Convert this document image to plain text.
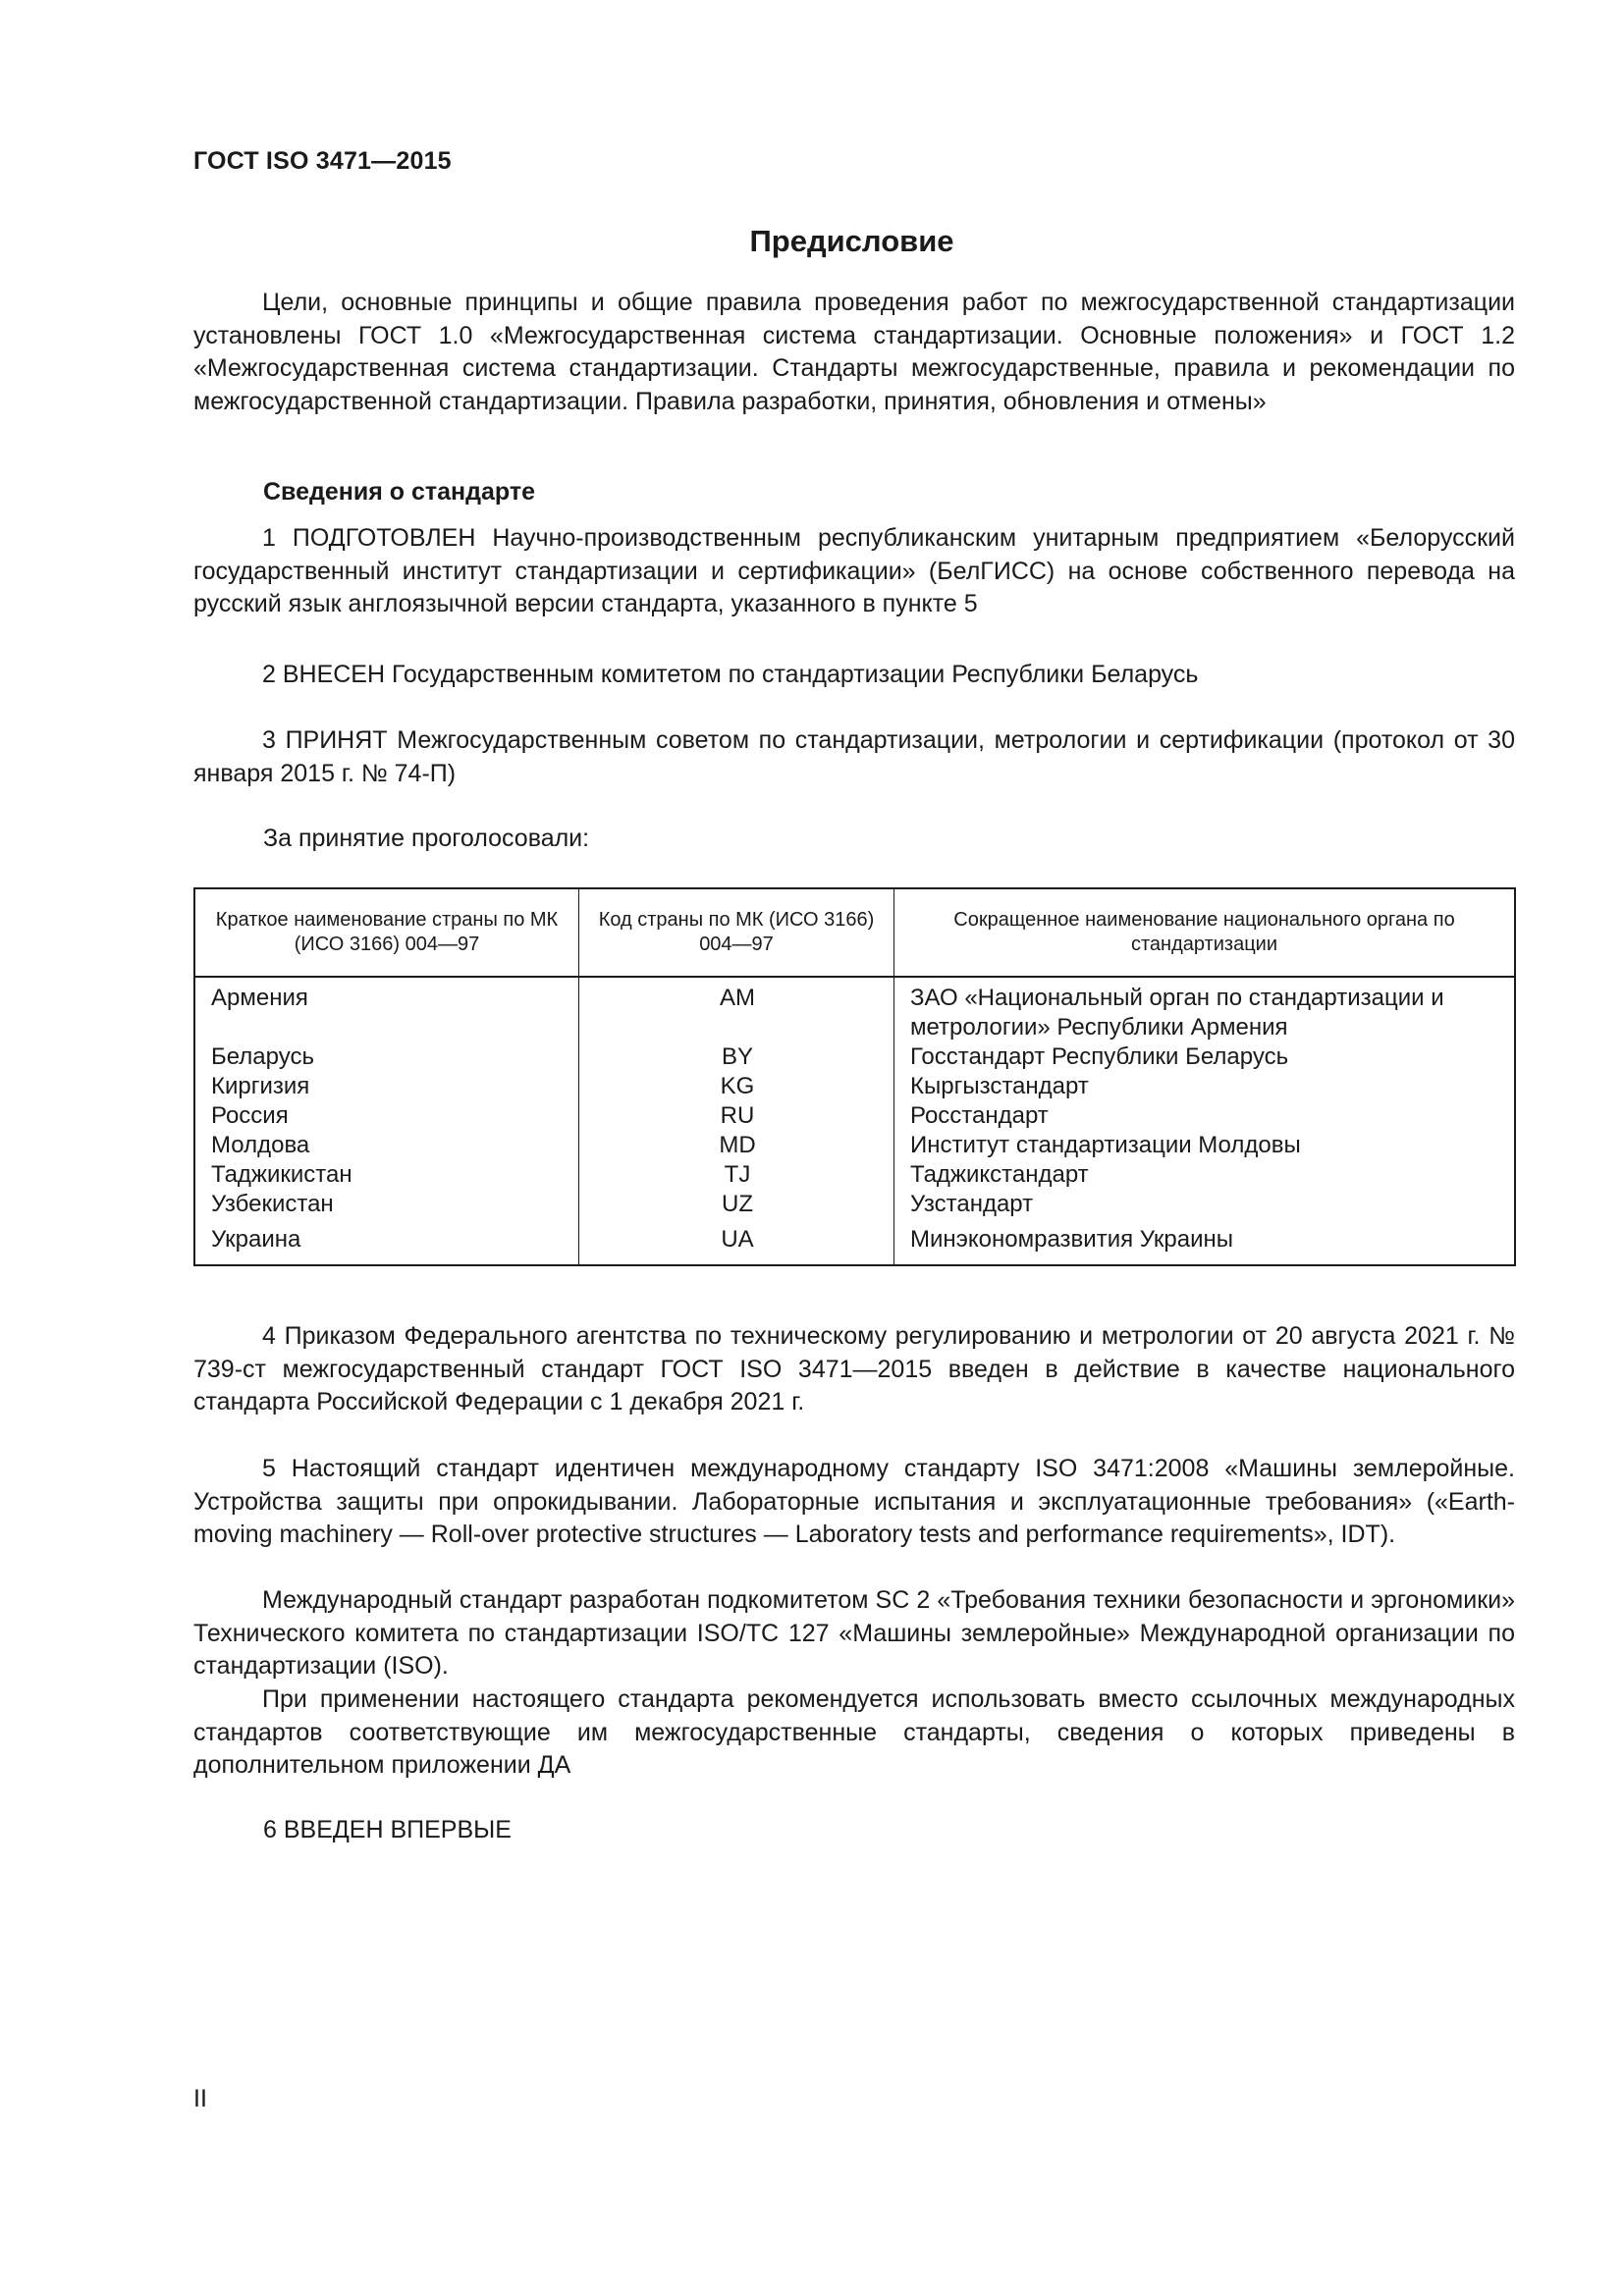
ГОСТ ISO 3471—2015
Предисловие
Цели, основные принципы и общие правила проведения работ по межгосударственной стандартизации установлены ГОСТ 1.0 «Межгосударственная система стандартизации. Основные положения» и ГОСТ 1.2 «Межгосударственная система стандартизации. Стандарты межгосударственные, правила и рекомендации по межгосударственной стандартизации. Правила разработки, принятия, обновления и отмены»
Сведения о стандарте
1 ПОДГОТОВЛЕН Научно-производственным республиканским унитарным предприятием «Белорусский государственный институт стандартизации и сертификации» (БелГИСС) на основе собственного перевода на русский язык англоязычной версии стандарта, указанного в пункте 5
2 ВНЕСЕН Государственным комитетом по стандартизации Республики Беларусь
3 ПРИНЯТ Межгосударственным советом по стандартизации, метрологии и сертификации (протокол от 30 января 2015 г. № 74-П)
За принятие проголосовали:
Краткое наименование страны по МК (ИСО 3166) 004—97	Код страны по МК (ИСО 3166) 004—97	Сокращенное наименование национального органа по стандартизации
Армения	AM	ЗАО «Национальный орган по стандартизации и метрологии» Республики Армения
Беларусь	BY	Госстандарт Республики Беларусь
Киргизия	KG	Кыргызстандарт
Россия	RU	Росстандарт
Молдова	MD	Институт стандартизации Молдовы
Таджикистан	TJ	Таджикстандарт
Узбекистан	UZ	Узстандарт
Украина	UA	Минэкономразвития Украины
4 Приказом Федерального агентства по техническому регулированию и метрологии от 20 августа 2021 г. № 739-ст межгосударственный стандарт ГОСТ ISO 3471—2015 введен в действие в качестве национального стандарта Российской Федерации с 1 декабря 2021 г.
5 Настоящий стандарт идентичен международному стандарту ISO 3471:2008 «Машины землеройные. Устройства защиты при опрокидывании. Лабораторные испытания и эксплуатационные требования» («Earth-moving machinery — Roll-over protective structures — Laboratory tests and performance requirements», IDT).
Международный стандарт разработан подкомитетом SC 2 «Требования техники безопасности и эргономики» Технического комитета по стандартизации ISO/TC 127 «Машины землеройные» Международной организации по стандартизации (ISO).
При применении настоящего стандарта рекомендуется использовать вместо ссылочных международных стандартов соответствующие им межгосударственные стандарты, сведения о которых приведены в дополнительном приложении ДА
6 ВВЕДЕН ВПЕРВЫЕ
II
